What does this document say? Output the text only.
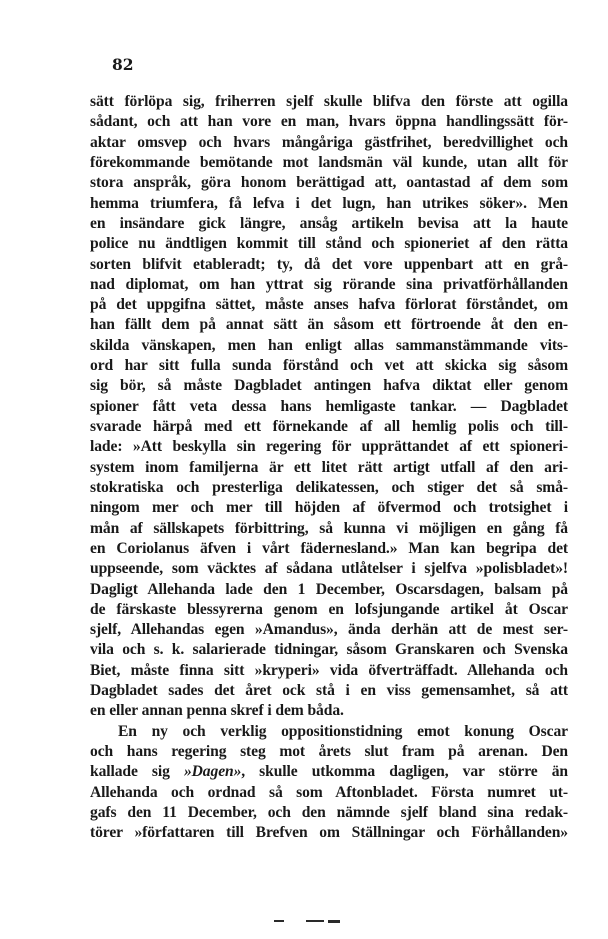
82
sätt förlöpa sig, friherren sjelf skulle blifva den förste att ogilla
sådant, och att han vore en man, hvars öppna handlingssätt för-
aktar omsvep och hvars mångåriga gästfrihet, beredvillighet och
förekommande bemötande mot landsmän väl kunde, utan allt för
stora anspråk, göra honom berättigad att, oantastad af dem som
hemma triumfera, få lefva i det lugn, han utrikes söker». Men
en insändare gick längre, ansåg artikeln bevisa att la haute
police nu ändtligen kommit till stånd och spioneriet af den rätta
sorten blifvit etableradt; ty, då det vore uppenbart att en grå-
nad diplomat, om han yttrat sig rörande sina privatförhållanden
på det uppgifna sättet, måste anses hafva förlorat förståndet, om
han fällt dem på annat sätt än såsom ett förtroende åt den en-
skilda vänskapen, men han enligt allas sammanstämmande vits-
ord har sitt fulla sunda förstånd och vet att skicka sig såsom
sig bör, så måste Dagbladet antingen hafva diktat eller genom
spioner fått veta dessa hans hemligaste tankar. — Dagbladet
svarade härpå med ett förnekande af all hemlig polis och till-
lade: »Att beskylla sin regering för upprättandet af ett spioneri-
system inom familjerna är ett litet rätt artigt utfall af den ari-
stokratiska och presterliga delikatessen, och stiger det så små-
ningom mer och mer till höjden af öfvermod och trotsighet i
mån af sällskapets förbittring, så kunna vi möjligen en gång få
en Coriolanus äfven i vårt fädernesland.» Man kan begripa det
uppseende, som väcktes af sådana utlåtelser i sjelfva »polisbladet»!
Dagligt Allehanda lade den 1 December, Oscarsdagen, balsam på
de färskaste blessyrerna genom en lofsjungande artikel åt Oscar
sjelf, Allehandas egen »Amandus», ända derhän att de mest ser-
vila och s. k. salarierade tidningar, såsom Granskaren och Svenska
Biet, måste finna sitt »kryperi» vida öfverträffadt. Allehanda och
Dagbladet sades det året ock stå i en viss gemensamhet, så att
en eller annan penna skref i dem båda.
En ny och verklig oppositionstidning emot konung Oscar
och hans regering steg mot årets slut fram på arenan. Den
kallade sig »Dagen», skulle utkomma dagligen, var större än
Allehanda och ordnad så som Aftonbladet. Första numret ut-
gafs den 11 December, och den nämnde sjelf bland sina redak-
törer »författaren till Brefven om Ställningar och Förhållanden»
